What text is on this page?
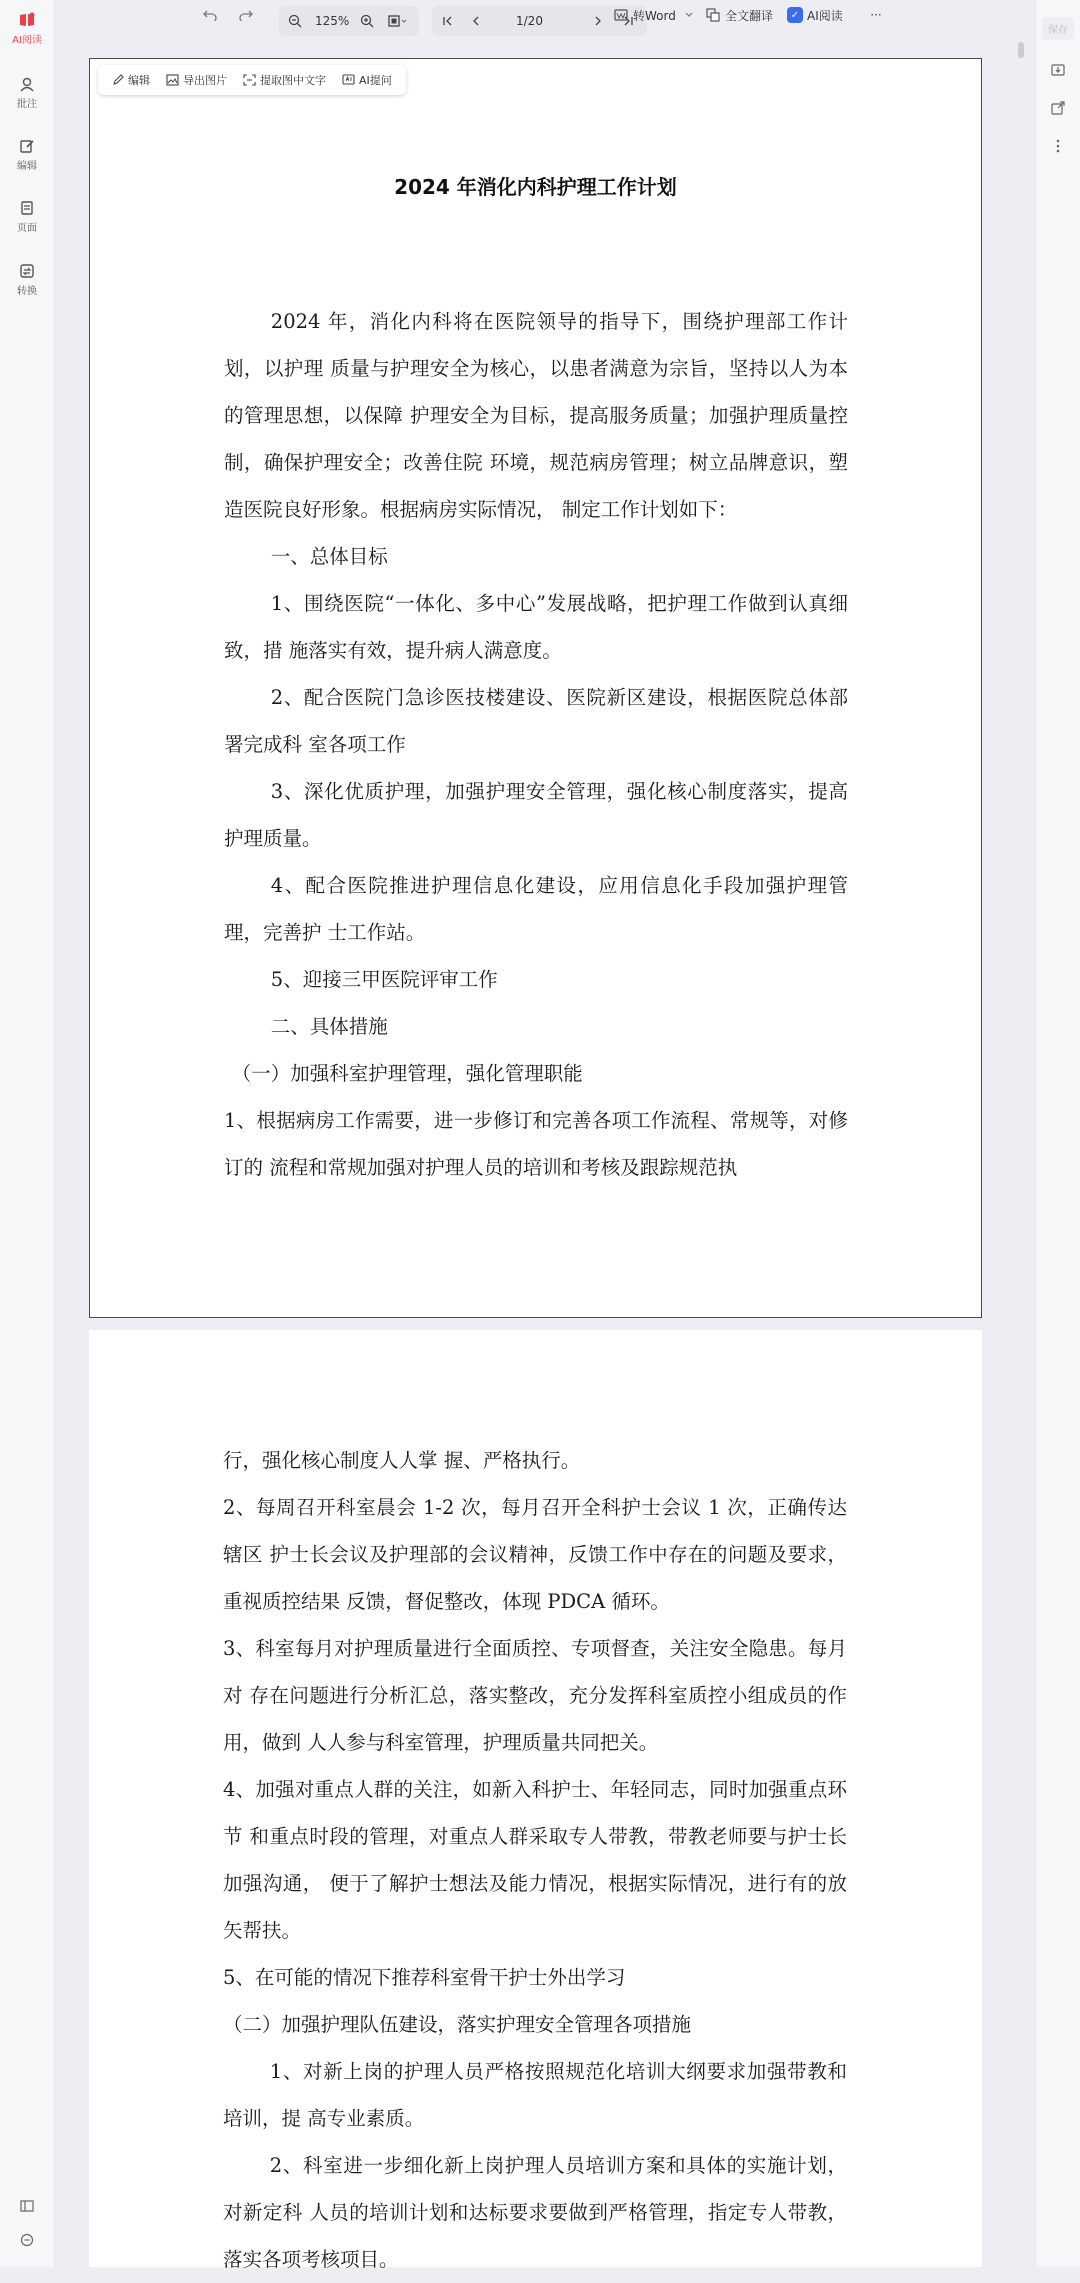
AI阅读
批注
编辑
页面
转换
125%	1/20	转Word	全文翻译	✓ AI阅读 ···
保存
编辑	导出图片	提取图中文字	AI提问
2024 年消化内科护理工作计划

2024 年，消化内科将在医院领导的指导下，围绕护理部工作计划，以护理 质量与护理安全为核心，以患者满意为宗旨，坚持以人为本的管理思想，以保障 护理安全为目标，提高服务质量；加强护理质量控制，确保护理安全；改善住院 环境，规范病房管理；树立品牌意识，塑造医院良好形象。根据病房实际情况， 制定工作计划如下：

一、总体目标

1、围绕医院“一体化、多中心”发展战略，把护理工作做到认真细致，措 施落实有效，提升病人满意度。

2、配合医院门急诊医技楼建设、医院新区建设，根据医院总体部署完成科 室各项工作

3、深化优质护理，加强护理安全管理，强化核心制度落实，提高护理质量。

4、配合医院推进护理信息化建设，应用信息化手段加强护理管理，完善护 士工作站。

5、迎接三甲医院评审工作

二、具体措施

（一）加强科室护理管理，强化管理职能

1、根据病房工作需要，进一步修订和完善各项工作流程、常规等，对修订的 流程和常规加强对护理人员的培训和考核及跟踪规范执

行，强化核心制度人人掌 握、严格执行。

2、每周召开科室晨会 1-2 次，每月召开全科护士会议 1 次，正确传达辖区 护士长会议及护理部的会议精神，反馈工作中存在的问题及要求，重视质控结果 反馈，督促整改，体现 PDCA 循环。

3、科室每月对护理质量进行全面质控、专项督查，关注安全隐患。每月对 存在问题进行分析汇总，落实整改，充分发挥科室质控小组成员的作用，做到 人人参与科室管理，护理质量共同把关。

4、加强对重点人群的关注，如新入科护士、年轻同志，同时加强重点环节 和重点时段的管理，对重点人群采取专人带教，带教老师要与护士长加强沟通， 便于了解护士想法及能力情况，根据实际情况，进行有的放矢帮扶。

5、在可能的情况下推荐科室骨干护士外出学习

（二）加强护理队伍建设，落实护理安全管理各项措施

1、对新上岗的护理人员严格按照规范化培训大纲要求加强带教和培训，提 高专业素质。

2、科室进一步细化新上岗护理人员培训方案和具体的实施计划，对新定科 人员的培训计划和达标要求要做到严格管理，指定专人带教，落实各项考核项目。
